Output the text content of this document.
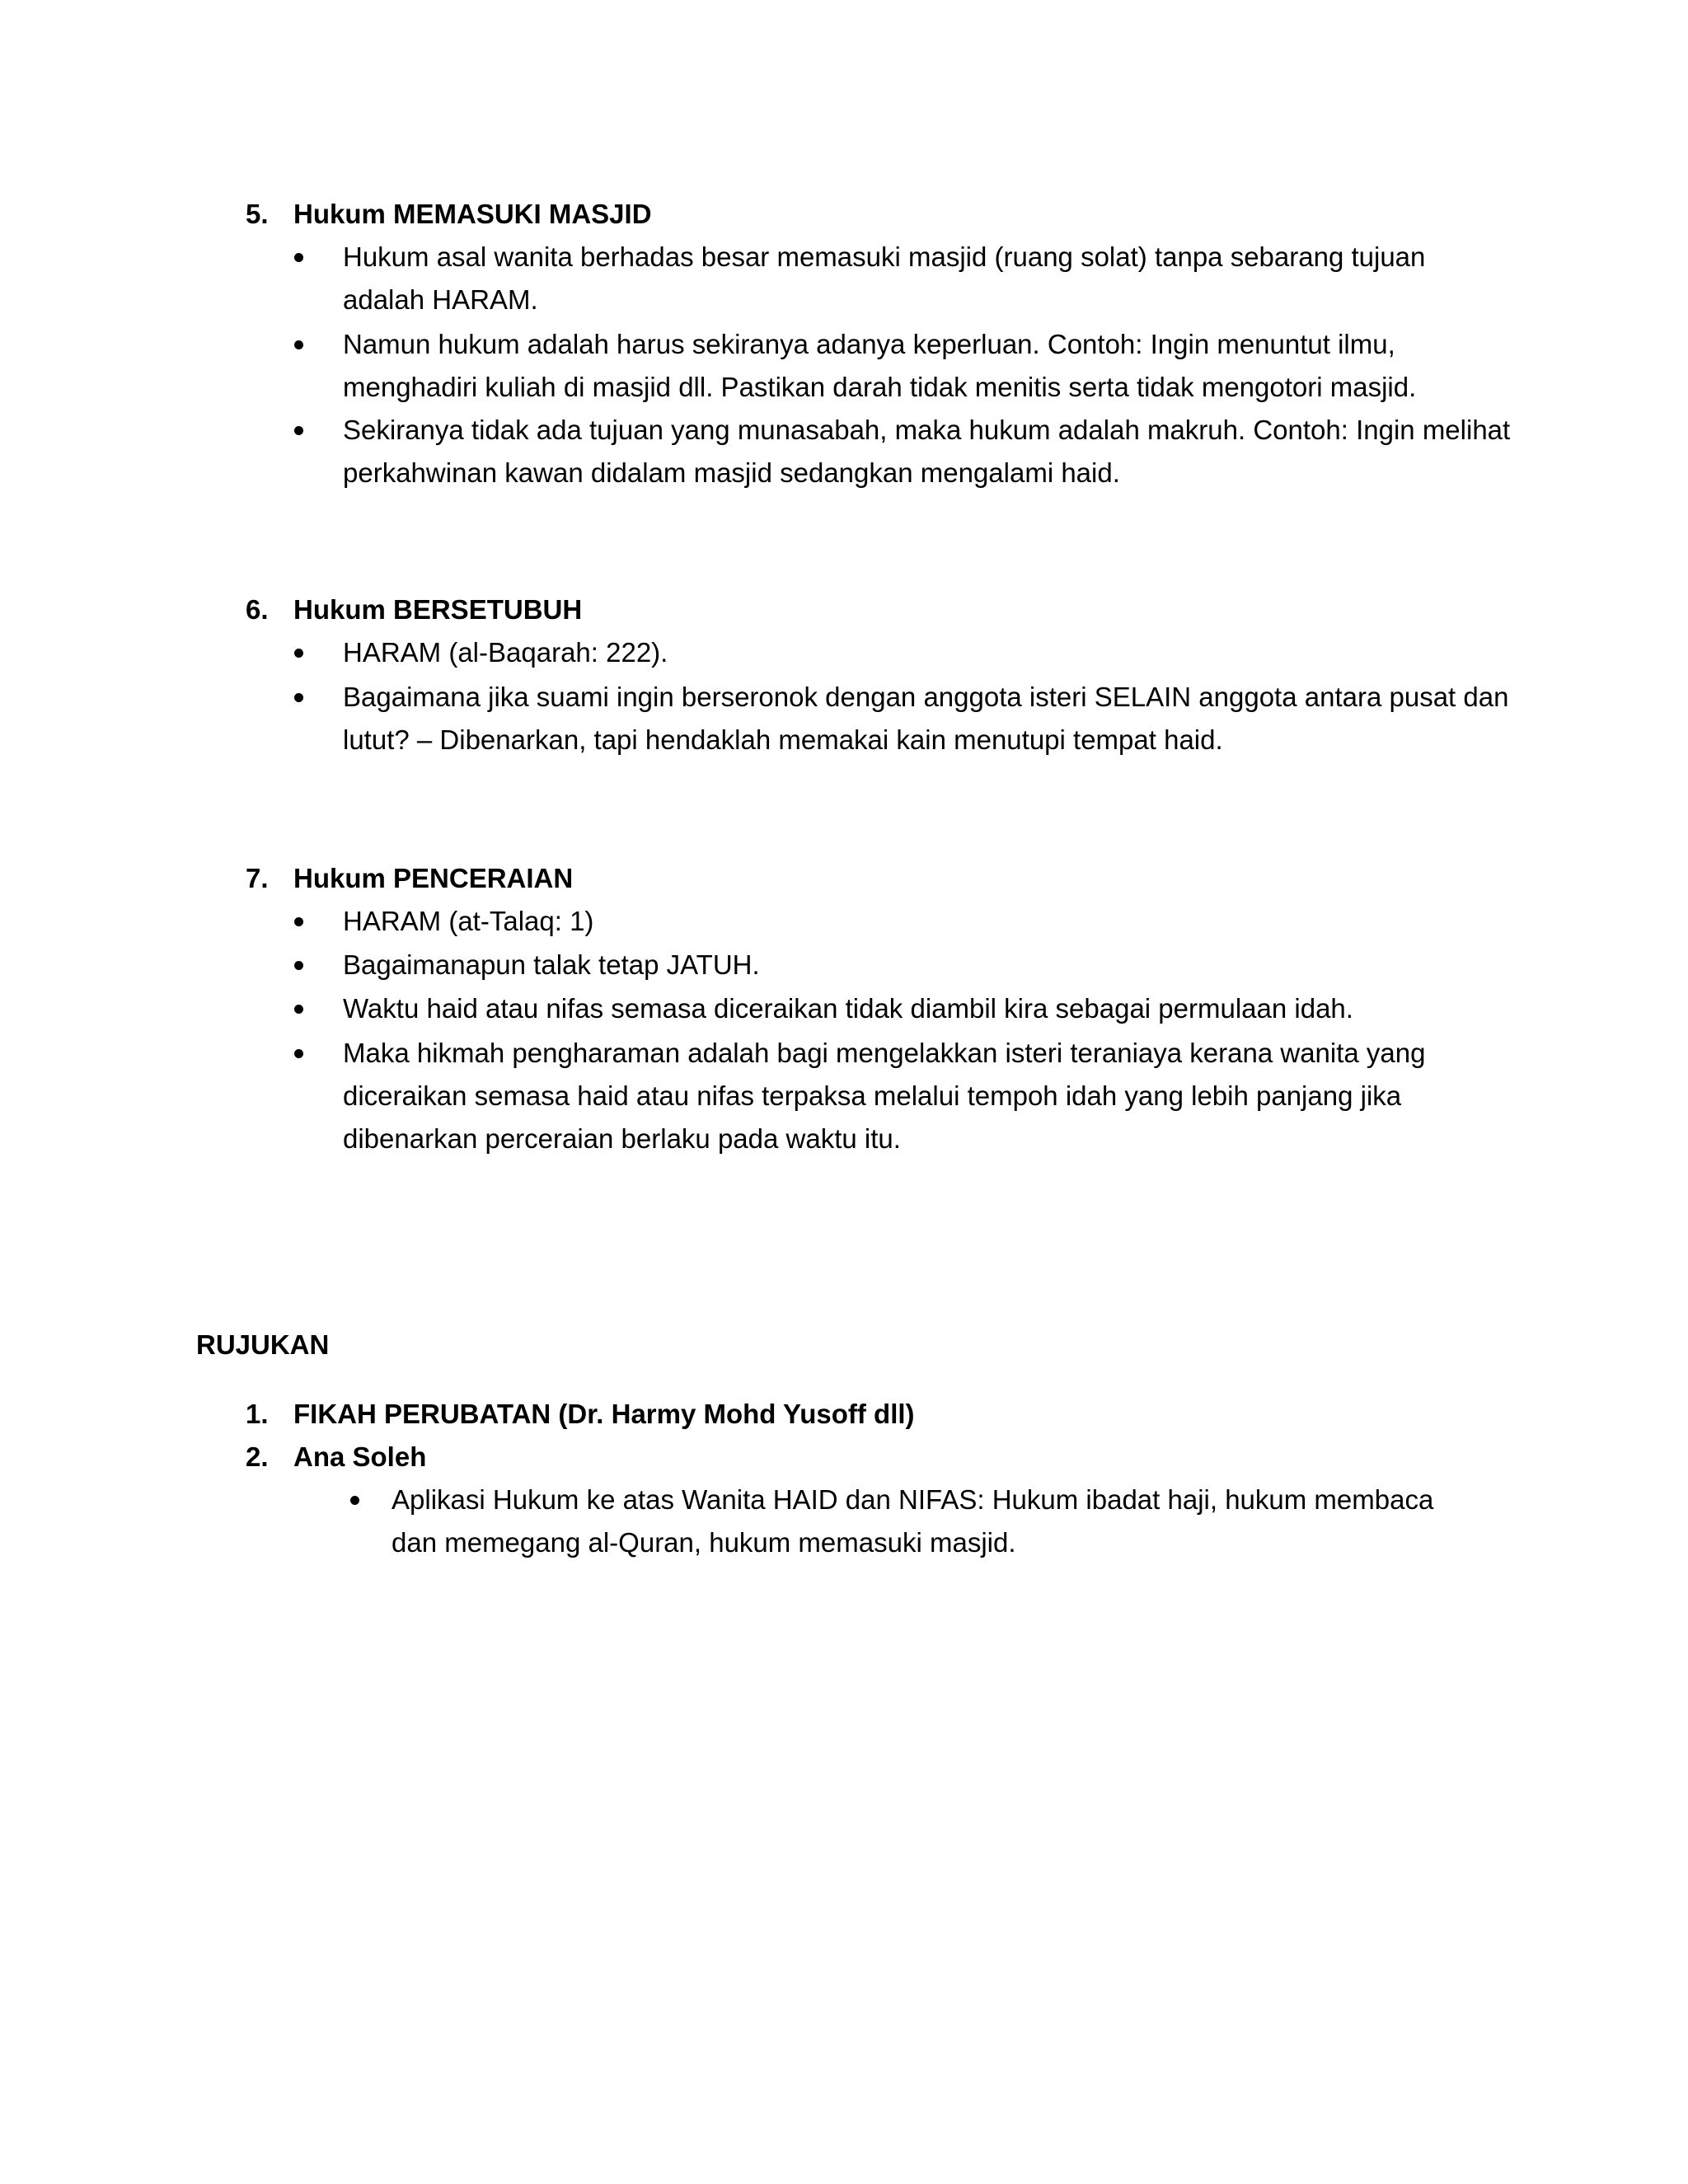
5. Hukum MEMASUKI MASJID
Hukum asal wanita berhadas besar memasuki masjid (ruang solat) tanpa sebarang tujuan adalah HARAM.
Namun hukum adalah harus sekiranya adanya keperluan. Contoh: Ingin menuntut ilmu, menghadiri kuliah di masjid dll. Pastikan darah tidak menitis serta tidak mengotori masjid.
Sekiranya tidak ada tujuan yang munasabah, maka hukum adalah makruh. Contoh: Ingin melihat perkahwinan kawan didalam masjid sedangkan mengalami haid.
6. Hukum BERSETUBUH
HARAM (al-Baqarah: 222).
Bagaimana jika suami ingin berseronok dengan anggota isteri SELAIN anggota antara pusat dan lutut? – Dibenarkan, tapi hendaklah memakai kain menutupi tempat haid.
7. Hukum PENCERAIAN
HARAM (at-Talaq: 1)
Bagaimanapun talak tetap JATUH.
Waktu haid atau nifas semasa diceraikan tidak diambil kira sebagai permulaan idah.
Maka hikmah pengharaman adalah bagi mengelakkan isteri teraniaya kerana wanita yang diceraikan semasa haid atau nifas terpaksa melalui tempoh idah yang lebih panjang jika dibenarkan perceraian berlaku pada waktu itu.
RUJUKAN
1. FIKAH PERUBATAN (Dr. Harmy Mohd Yusoff dll)
2. Ana Soleh
Aplikasi Hukum ke atas Wanita HAID dan NIFAS: Hukum ibadat haji, hukum membaca dan memegang al-Quran, hukum memasuki masjid.
